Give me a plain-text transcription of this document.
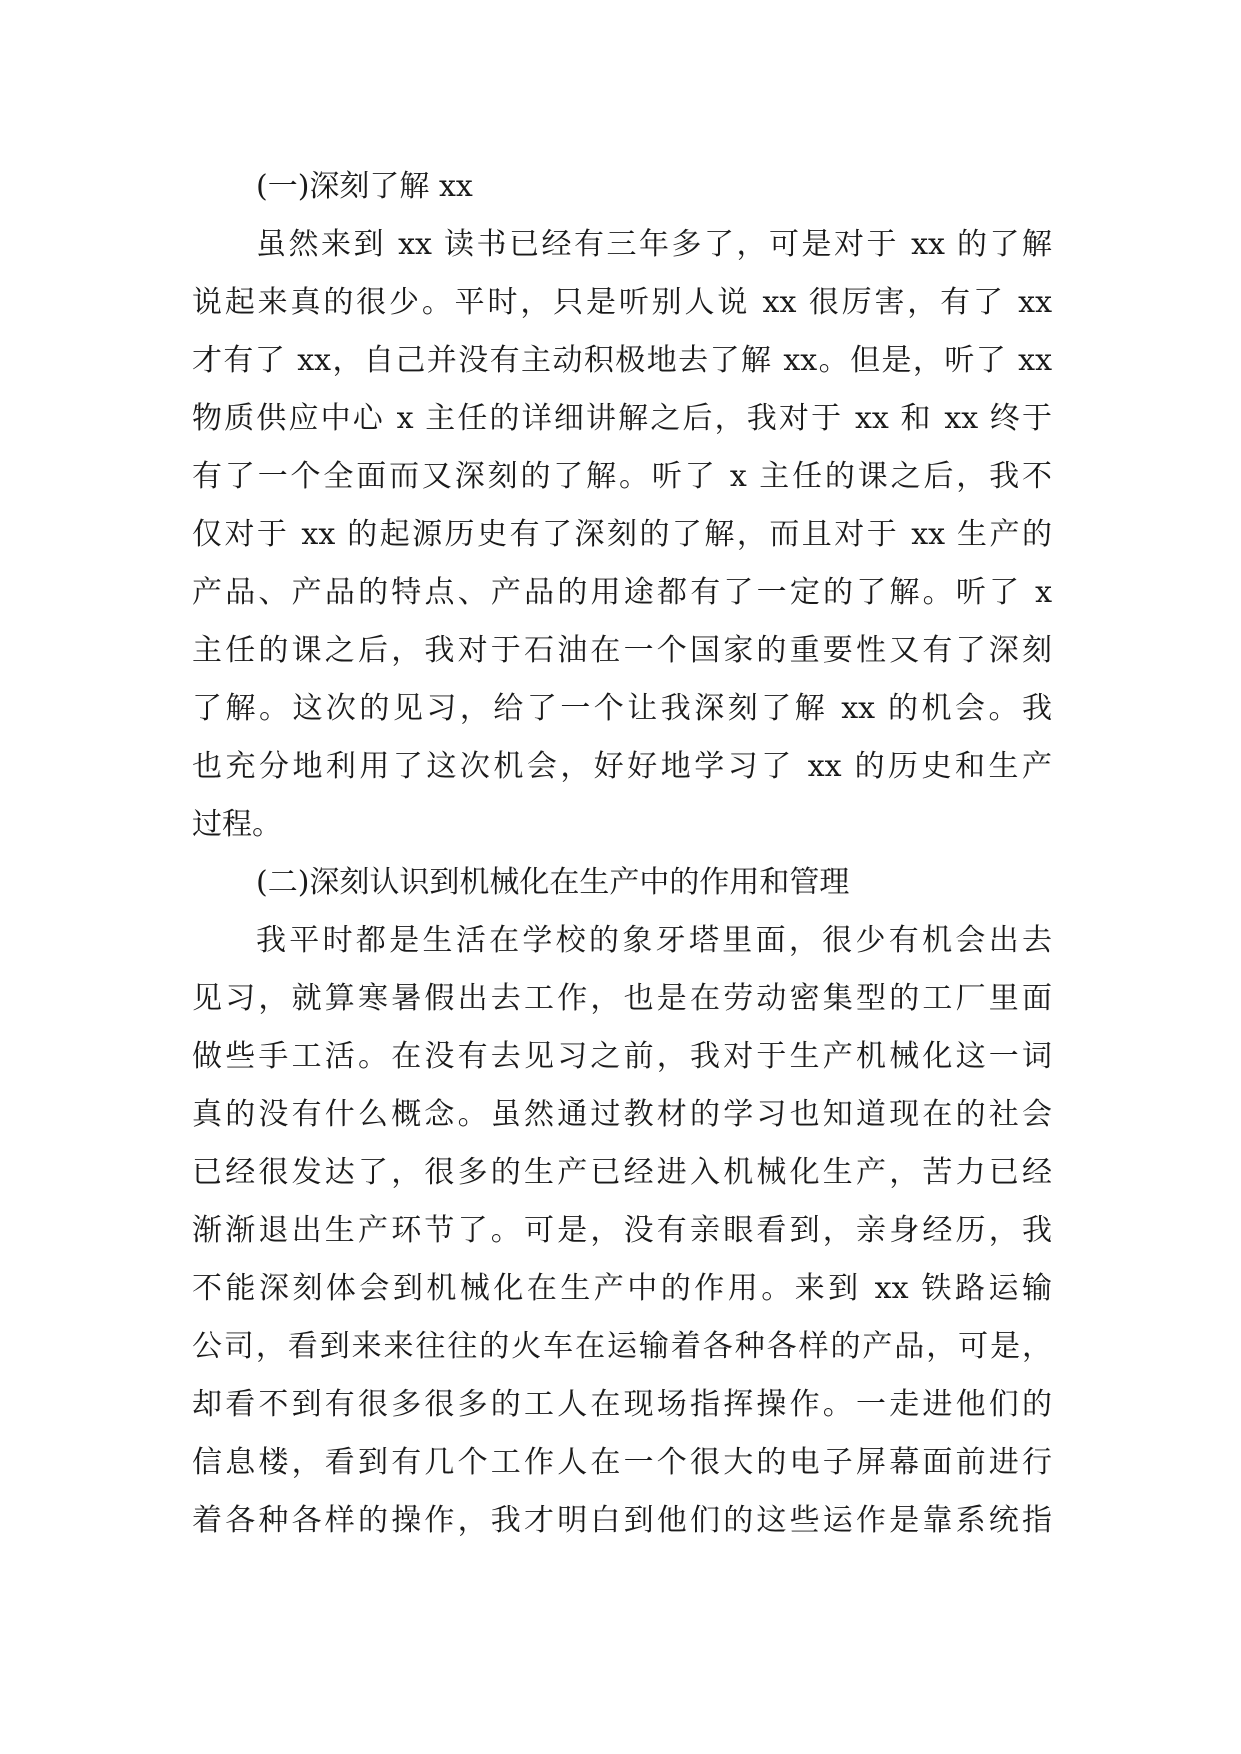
(一)深刻了解 xx
虽然来到 xx 读书已经有三年多了，可是对于 xx 的了解
说起来真的很少。平时，只是听别人说 xx 很厉害，有了 xx
才有了 xx，自己并没有主动积极地去了解 xx。但是，听了 xx
物质供应中心 x 主任的详细讲解之后，我对于 xx 和 xx 终于
有了一个全面而又深刻的了解。听了 x 主任的课之后，我不
仅对于 xx 的起源历史有了深刻的了解，而且对于 xx 生产的
产品、产品的特点、产品的用途都有了一定的了解。听了 x
主任的课之后，我对于石油在一个国家的重要性又有了深刻
了解。这次的见习，给了一个让我深刻了解 xx 的机会。我
也充分地利用了这次机会，好好地学习了 xx 的历史和生产
过程。
(二)深刻认识到机械化在生产中的作用和管理
我平时都是生活在学校的象牙塔里面，很少有机会出去
见习，就算寒暑假出去工作，也是在劳动密集型的工厂里面
做些手工活。在没有去见习之前，我对于生产机械化这一词
真的没有什么概念。虽然通过教材的学习也知道现在的社会
已经很发达了，很多的生产已经进入机械化生产，苦力已经
渐渐退出生产环节了。可是，没有亲眼看到，亲身经历，我
不能深刻体会到机械化在生产中的作用。来到 xx 铁路运输
公司，看到来来往往的火车在运输着各种各样的产品，可是，
却看不到有很多很多的工人在现场指挥操作。一走进他们的
信息楼，看到有几个工作人在一个很大的电子屏幕面前进行
着各种各样的操作，我才明白到他们的这些运作是靠系统指
